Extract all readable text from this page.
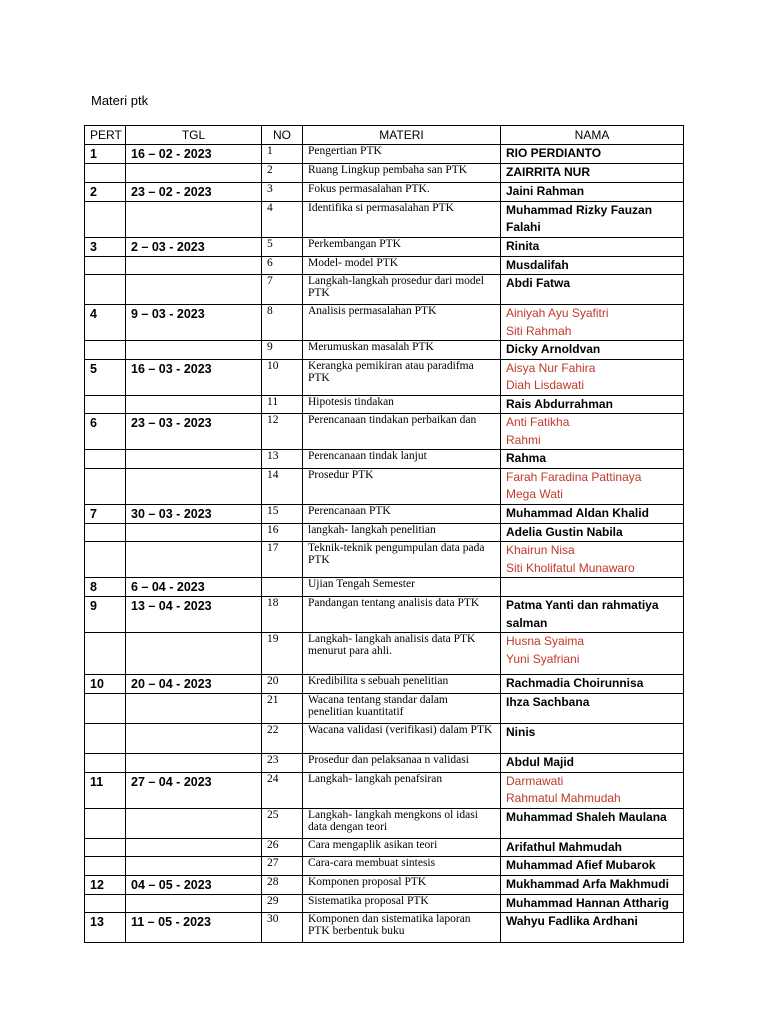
Materi ptk
PERT	TGL	NO	MATERI	NAMA
1	16 – 02 - 2023	1	Pengertian PTK	RIO PERDIANTO

		2	Ruang Lingkup pembaha san PTK	ZAIRRITA NUR

2	23 – 02 - 2023	3	Fokus permasalahan PTK.	Jaini Rahman

		4	Identifika si permasalahan PTK	Muhammad Rizky Fauzan Falahi

3	2 – 03 - 2023	5	Perkembangan PTK	Rinita

		6	Model- model PTK	Musdalifah

		7	Langkah-langkah prosedur dari model PTK	Abdi Fatwa

4	9 – 03 - 2023	8	Analisis permasalahan PTK	Ainiyah Ayu Syafitri
Siti Rahmah

		9	Merumuskan masalah PTK	Dicky Arnoldvan

5	16 – 03 - 2023	10	Kerangka pemikiran atau paradifma PTK	Aisya Nur Fahira
Diah Lisdawati

		11	Hipotesis tindakan	Rais Abdurrahman

6	23 – 03 - 2023	12	Perencanaan tindakan perbaikan dan	Anti Fatikha
Rahmi

		13	Perencanaan tindak lanjut	Rahma

		14	Prosedur PTK	Farah Faradina Pattinaya
Mega Wati

7	30 – 03 - 2023	15	Perencanaan PTK	Muhammad Aldan Khalid

		16	langkah- langkah penelitian	Adelia Gustin Nabila

		17	Teknik-teknik pengumpulan data pada PTK	Khairun Nisa
Siti Kholifatul Munawaro

8	6 – 04 - 2023		Ujian Tengah Semester	
9	13 – 04 - 2023	18	Pandangan tentang analisis data PTK	Patma Yanti dan rahmatiya salman

		19	Langkah- langkah analisis data PTK menurut para ahli.	Husna Syaima
Yuni Syafriani

10	20 – 04 - 2023	20	Kredibilita s sebuah penelitian	Rachmadia Choirunnisa

		21	Wacana tentang standar dalam penelitian kuantitatif	Ihza Sachbana

		22	Wacana validasi (verifikasi) dalam PTK	Ninis

		23	Prosedur dan pelaksanaa n validasi	Abdul Majid

11	27 – 04 - 2023	24	Langkah- langkah penafsiran	Darmawati
Rahmatul Mahmudah

		25	Langkah- langkah mengkons ol idasi data dengan teori	Muhammad Shaleh Maulana

		26	Cara mengaplik asikan teori	Arifathul Mahmudah

		27	Cara-cara membuat sintesis	Muhammad Afief Mubarok

12	04 – 05 - 2023	28	Komponen proposal PTK	Mukhammad Arfa Makhmudi

		29	Sistematika proposal PTK	Muhammad Hannan Attharig

13	11 – 05 - 2023	30	Komponen dan sistematika laporan PTK berbentuk buku	Wahyu Fadlika Ardhani
